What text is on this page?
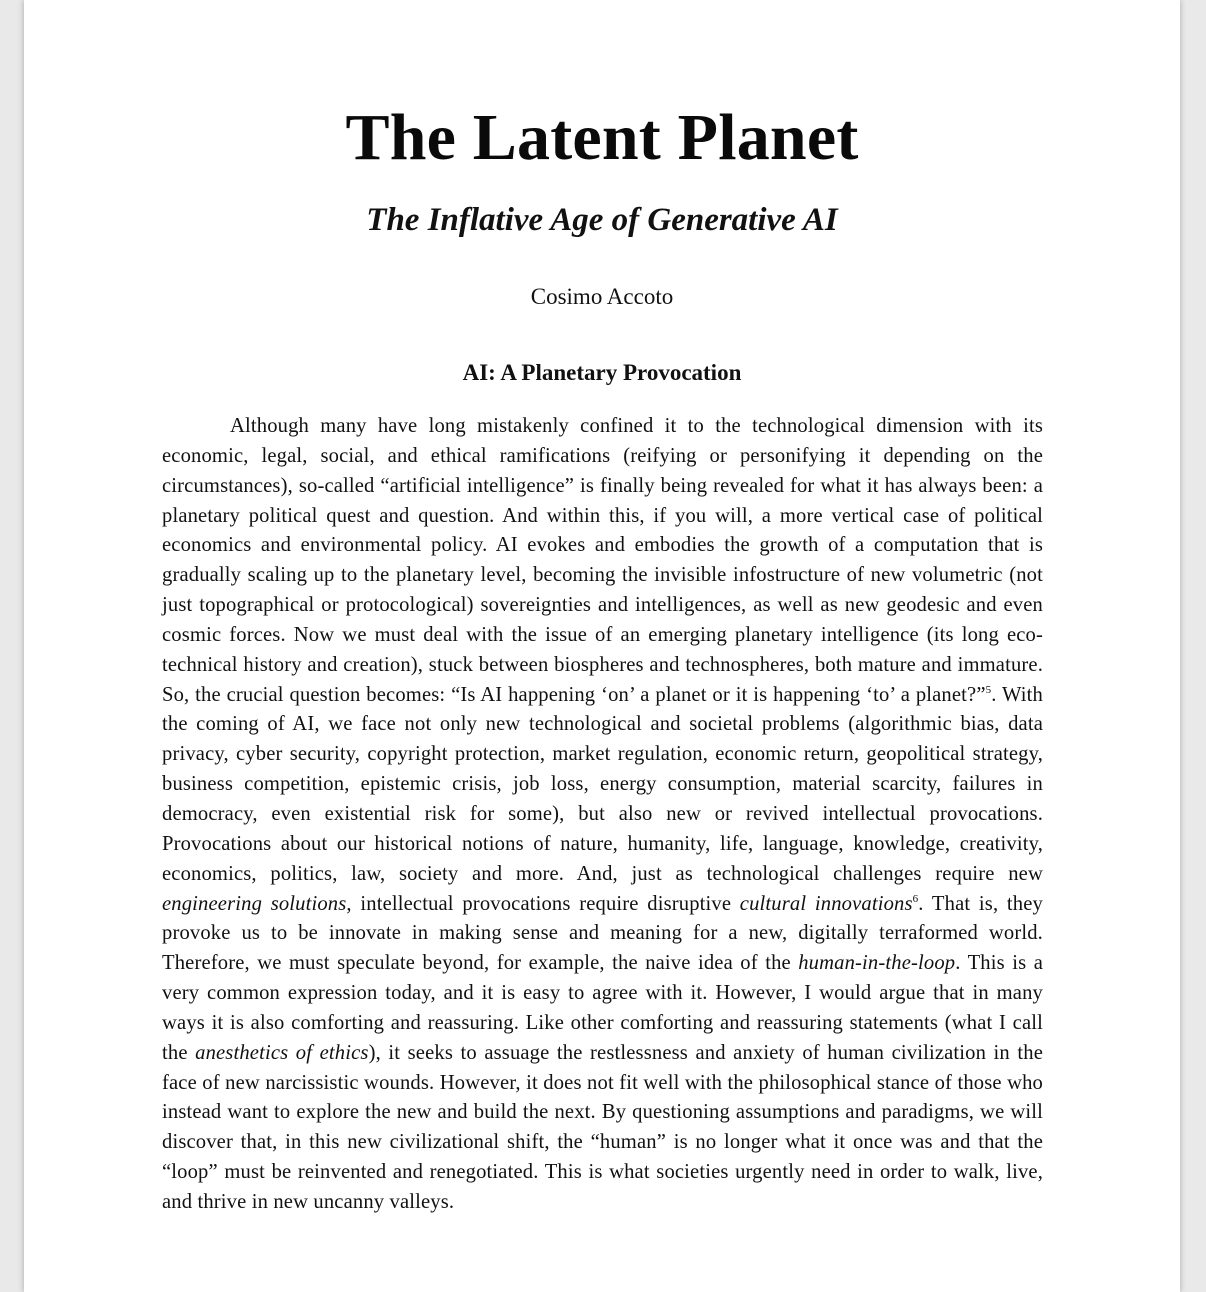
The Latent Planet
The Inflative Age of Generative AI

Cosimo Accoto

AI: A Planetary Provocation

Although many have long mistakenly confined it to the technological dimension with its economic, legal, social, and ethical ramifications (reifying or personifying it depending on the circumstances), so-called “artificial intelligence” is finally being revealed for what it has always been: a planetary political quest and question. And within this, if you will, a more vertical case of political economics and environmental policy. AI evokes and embodies the growth of a computation that is gradually scaling up to the planetary level, becoming the invisible infostructure of new volumetric (not just topographical or protocological) sovereignties and intelligences, as well as new geodesic and even cosmic forces. Now we must deal with the issue of an emerging planetary intelligence (its long eco-technical history and creation), stuck between biospheres and technospheres, both mature and immature. So, the crucial question becomes: “Is AI happening ‘on’ a planet or it is happening ‘to’ a planet?”$^5$. With the coming of AI, we face not only new technological and societal problems (algorithmic bias, data privacy, cyber security, copyright protection, market regulation, economic return, geopolitical strategy, business competition, epistemic crisis, job loss, energy consumption, material scarcity, failures in democracy, even existential risk for some), but also new or revived intellectual provocations. Provocations about our historical notions of nature, humanity, life, language, knowledge, creativity, economics, politics, law, society and more. And, just as technological challenges require new engineering solutions, intellectual provocations require disruptive cultural innovations$^6$. That is, they provoke us to be innovate in making sense and meaning for a new, digitally terraformed world. Therefore, we must speculate beyond, for example, the naive idea of the human-in-the-loop. This is a very common expression today, and it is easy to agree with it. However, I would argue that in many ways it is also comforting and reassuring. Like other comforting and reassuring statements (what I call the anesthetics of ethics), it seeks to assuage the restlessness and anxiety of human civilization in the face of new narcissistic wounds. However, it does not fit well with the philosophical stance of those who instead want to explore the new and build the next. By questioning assumptions and paradigms, we will discover that, in this new civilizational shift, the “human” is no longer what it once was and that the “loop” must be reinvented and renegotiated. This is what societies urgently need in order to walk, live, and thrive in new uncanny valleys.
